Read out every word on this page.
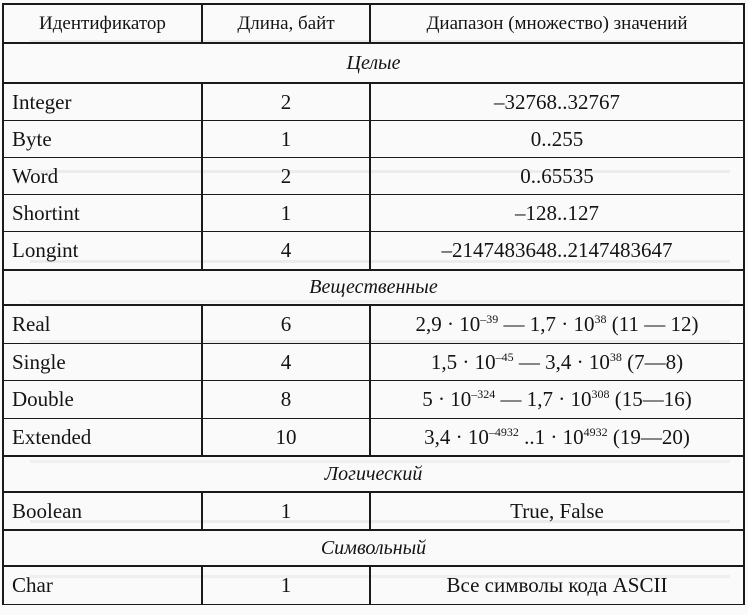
Идентификатор	Длина, байт	Диапазон (множество) значений
Целые		
Integer	2	–32768..32767
Byte	1	0..255
Word	2	0..65535
Shortint	1	–128..127
Longint	4	–2147483648..2147483647
Вещественные		
Real	6	$2,9 \cdot 10^{-39}$ — $1,7 \cdot 10^{38}$ (11 — 12)
Single	4	$1,5 \cdot 10^{-45}$ — $3,4 \cdot 10^{38}$ (7—8)
Double	8	$5 \cdot 10^{-324}$ — $1,7 \cdot 10^{308}$ (15—16)
Extended	10	$3,4 \cdot 10^{-4932}$ $..1 \cdot 10^{4932}$ (19—20)
Логический		
Boolean	1	True, False
Символьный		
Char	1	Все символы кода ASCII
